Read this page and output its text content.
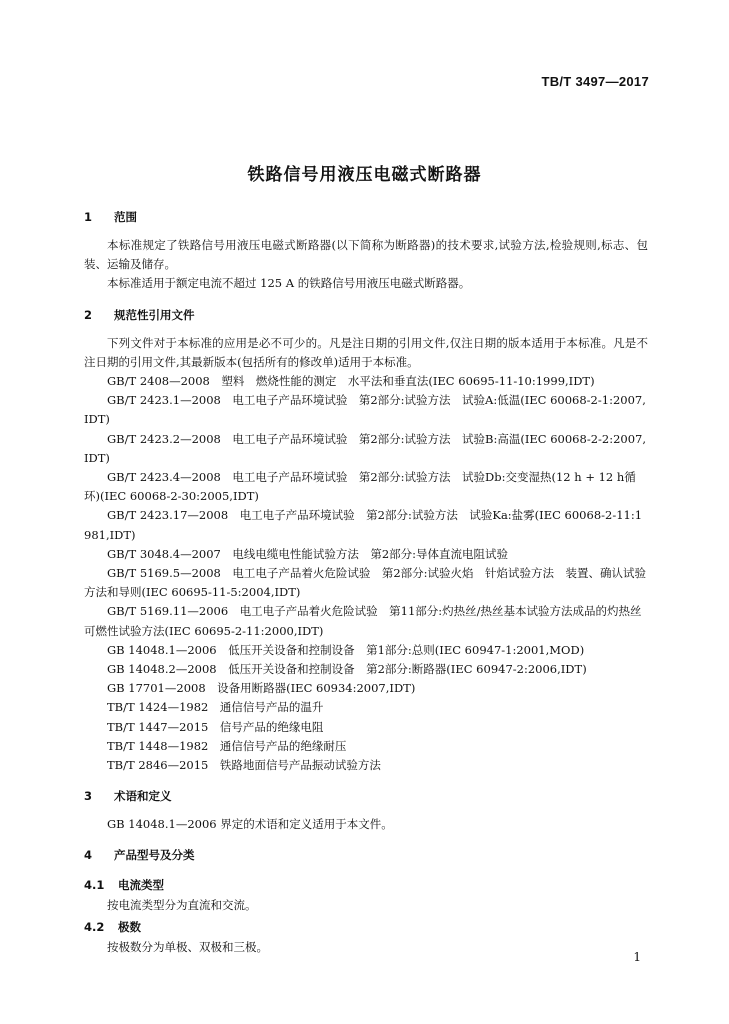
TB/T 3497—2017
铁路信号用液压电磁式断路器
1 范围
本标准规定了铁路信号用液压电磁式断路器(以下简称为断路器)的技术要求,试验方法,检验规则,标志、包装、运输及储存。
本标准适用于额定电流不超过 125 A 的铁路信号用液压电磁式断路器。
2 规范性引用文件
下列文件对于本标准的应用是必不可少的。凡是注日期的引用文件,仅注日期的版本适用于本标准。凡是不注日期的引用文件,其最新版本(包括所有的修改单)适用于本标准。
GB/T 2408—2008　塑料　燃烧性能的测定　水平法和垂直法(IEC 60695-11-10:1999,IDT)
GB/T 2423.1—2008　电工电子产品环境试验　第2部分:试验方法　试验A:低温(IEC 60068-2-1:2007,IDT)
GB/T 2423.2—2008　电工电子产品环境试验　第2部分:试验方法　试验B:高温(IEC 60068-2-2:2007,IDT)
GB/T 2423.4—2008　电工电子产品环境试验　第2部分:试验方法　试验Db:交变湿热(12 h + 12 h循环)(IEC 60068-2-30:2005,IDT)
GB/T 2423.17—2008　电工电子产品环境试验　第2部分:试验方法　试验Ka:盐雾(IEC 60068-2-11:1981,IDT)
GB/T 3048.4—2007　电线电缆电性能试验方法　第2部分:导体直流电阻试验
GB/T 5169.5—2008　电工电子产品着火危险试验　第2部分:试验火焰　针焰试验方法　装置、确认试验方法和导则(IEC 60695-11-5:2004,IDT)
GB/T 5169.11—2006　电工电子产品着火危险试验　第11部分:灼热丝/热丝基本试验方法成品的灼热丝可燃性试验方法(IEC 60695-2-11:2000,IDT)
GB 14048.1—2006　低压开关设备和控制设备　第1部分:总则(IEC 60947-1:2001,MOD)
GB 14048.2—2008　低压开关设备和控制设备　第2部分:断路器(IEC 60947-2:2006,IDT)
GB 17701—2008　设备用断路器(IEC 60934:2007,IDT)
TB/T 1424—1982　通信信号产品的温升
TB/T 1447—2015　信号产品的绝缘电阻
TB/T 1448—1982　通信信号产品的绝缘耐压
TB/T 2846—2015　铁路地面信号产品振动试验方法
3 术语和定义
GB 14048.1—2006 界定的术语和定义适用于本文件。
4 产品型号及分类
4.1 电流类型
按电流类型分为直流和交流。
4.2 极数
按极数分为单极、双极和三极。
1
